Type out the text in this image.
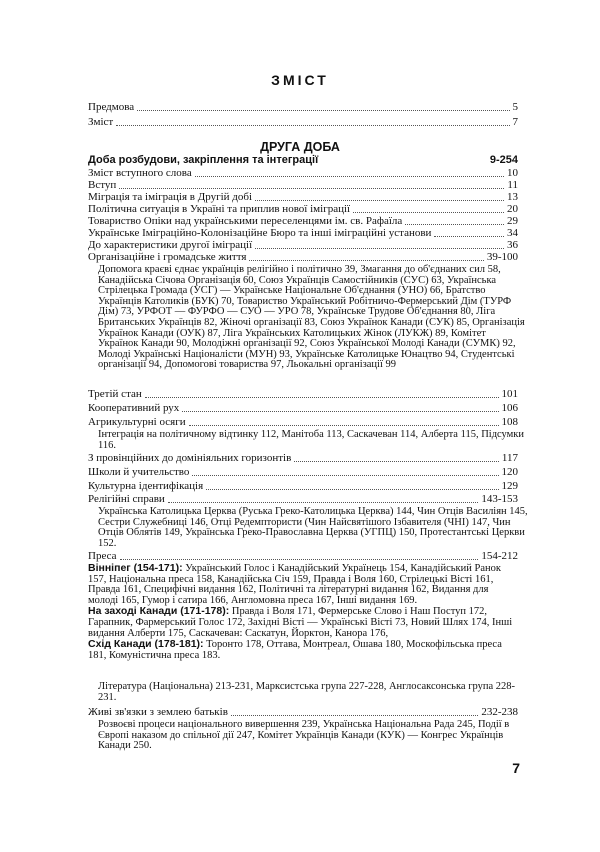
ЗМІСТ
Предмова	5
Зміст	7
ДРУГА ДОБА
Доба розбудови, закріплення та інтеграції	9-254
Зміст вступного слова	10
Вступ	11
Міграція та іміграція в Другій добі	13
Політична ситуація в Україні та приплив нової іміграції	20
Товариство Опіки над українськими переселенцями ім. св. Рафаїла	29
Українське Іміграційно-Колонізаційне Бюро та інші іміграційні установи	34
До характеристики другої іміграції	36
Організаційне і громадське життя	39-100

Допомога краєві єднає українців релігійно і політично 39, Змагання до об'єднаних сил 58, Канадійська Січова Організація 60, Союз Українців Самостійників (СУС) 63, Українська Стрілецька Громада (УСГ) — Українське Національне Об'єднання (УНО) 66, Братство Українців Католиків (БУК) 70, Товариство Український Робітничо-Фермерський Дім (ТУРФ Дім) 73, УРФОТ — ФУРФО — СУО — УРО 78, Українське Трудове Об'єднання 80, Ліга Британських Українців 82, Жіночі організації 83, Союз Українок Канади (СУК) 85, Організація Українок Канади (ОУК) 87, Ліга Українських Католицьких Жінок (ЛУКЖ) 89, Комітет Українок Канади 90, Молодіжні організації 92, Союз Української Молоді Канади (СУМК) 92, Молоді Українські Націоналісти (МУН) 93, Українське Католицьке Юнацтво 94, Студентські організації 94, Допомогові товариства 97, Льокальні організації 99

Третій стан	101
Кооперативний рух	106
Агрикультурні осяги	108

Інтеграція на політичному відтинку 112, Манітоба 113, Саскачеван 114, Алберта 115, Підсумки 116.

З провінційних до домініяльних горизонтів	117
Школи й учительство	120
Культурна ідентифікація	129
Релігійні справи	143-153

Українська Католицька Церква (Руська Греко-Католицька Церква) 144, Чин Отців Василіян 145, Сестри Служебниці 146, Отці Редемптористи (Чин Найсвятішого Ізбавителя (ЧНІ) 147, Чин Отців Облятів 149, Українська Греко-Православна Церква (УГПЦ) 150, Протестантські Церкви 152.

Преса	154-212

Вінніпег (154-171): Український Голос і Канадійський Українець 154, Канадійський Ранок 157, Національна преса 158, Канадійська Січ 159, Правда і Воля 160, Стрілецькі Вісті 161, Правда 161, Специфічні видання 162, Політичні та літературні видання 162, Видання для молоді 165, Гумор і сатира 166, Англомовна преса 167, Інші видання 169.

На заході Канади (171-178): Правда і Воля 171, Фермерське Слово і Наш Поступ 172, Гарапник, Фармерський Голос 172, Західні Вісті — Українські Вісті 73, Новий Шлях 174, Інші видання Алберти 175, Саскачеван: Саскатун, Йорктон, Канора 176,

Схід Канади (178-181): Торонто 178, Оттава, Монтреал, Ошава 180, Москофільська преса 181, Комуністична преса 183.

Література (Національна) 213-231, Марксистська група 227-228, Англосаксонська група 228-231.

Живі зв'язки з землею батьків	232-238

Розвоєві процеси національного вивершення 239, Українська Національна Рада 245, Події в Європі наказом до спільної дії 247, Комітет Українців Канади (КУК) — Конгрес Українців Канади 250.

7
